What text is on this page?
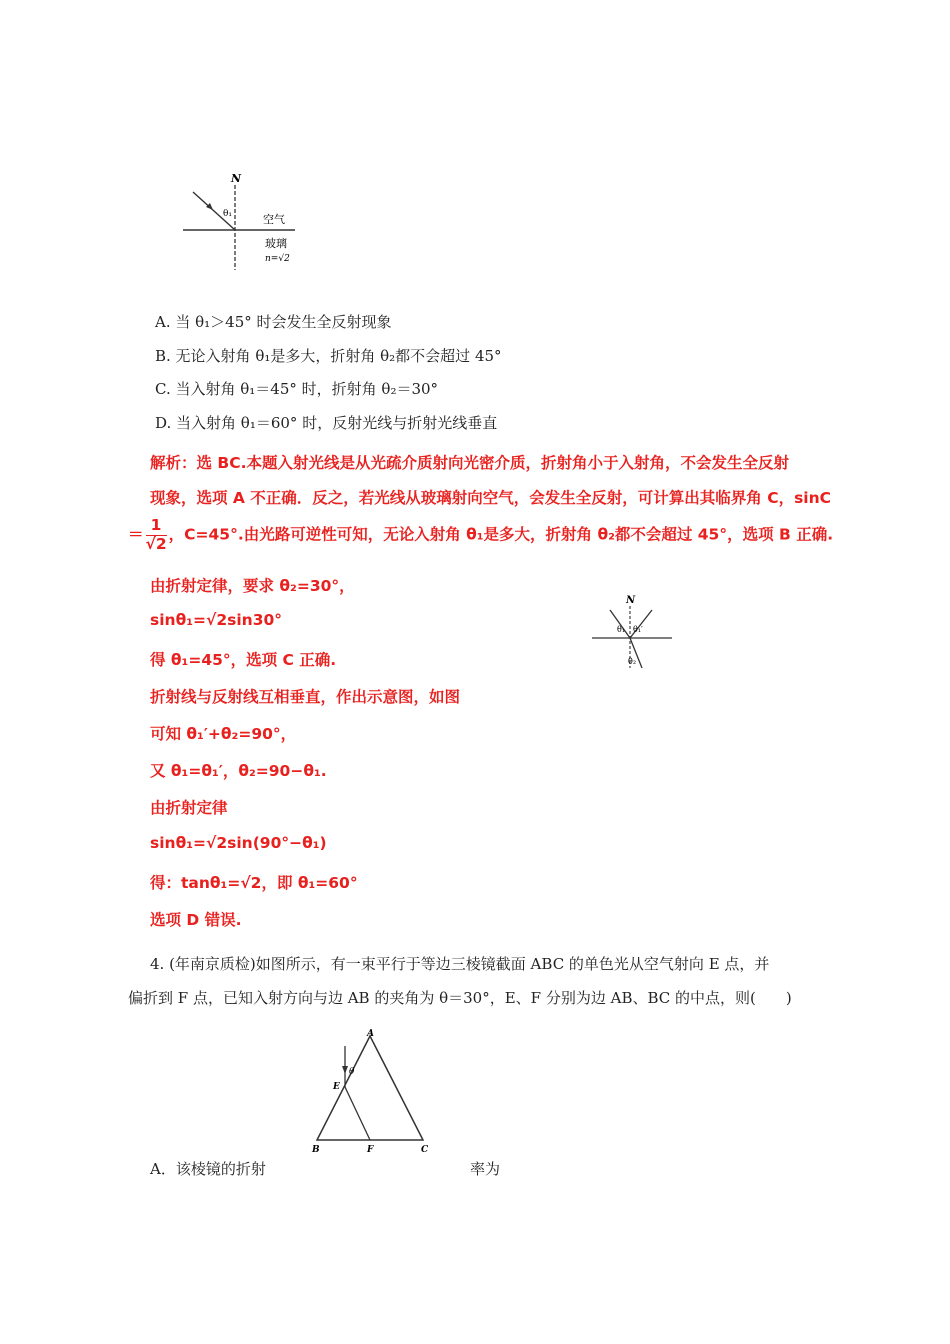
N
θ₁	空气
玻璃
n=√2
A. 当 θ₁＞45° 时会发生全反射现象
B. 无论入射角 θ₁是多大，折射角 θ₂都不会超过 45°
C. 当入射角 θ₁＝45° 时，折射角 θ₂＝30°
D. 当入射角 θ₁＝60° 时，反射光线与折射光线垂直
解析：选 BC.本题入射光线是从光疏介质射向光密介质，折射角小于入射角，不会发生全反射
现象，选项 A 不正确．反之，若光线从玻璃射向空气，会发生全反射，可计算出其临界角 C，sinC
＝ $\frac{1}{√2}$ ，C=45°.由光路可逆性可知，无论入射角 θ₁是多大，折射角 θ₂都不会超过 45°，选项 B 正确.
由折射定律，要求 θ₂=30°，
sinθ₁=√2sin30°
得 θ₁=45°，选项 C 正确.
折射线与反射线互相垂直，作出示意图，如图
可知 θ₁′+θ₂=90°，
又 θ₁=θ₁′，θ₂=90−θ₁.
由折射定律
sinθ₁=√2sin(90°−θ₁)
得：tanθ₁=√2，即 θ₁=60°
选项 D 错误.
N
θ₁ θ₁′
θ₂
4. (年南京质检)如图所示，有一束平行于等边三棱镜截面 ABC 的单色光从空气射向 E 点，并
偏折到 F 点，已知入射方向与边 AB 的夹角为 θ＝30°，E、F 分别为边 AB、BC 的中点，则(　　)
A
B	C
E
F
θ
A．该棱镜的折射	率为
